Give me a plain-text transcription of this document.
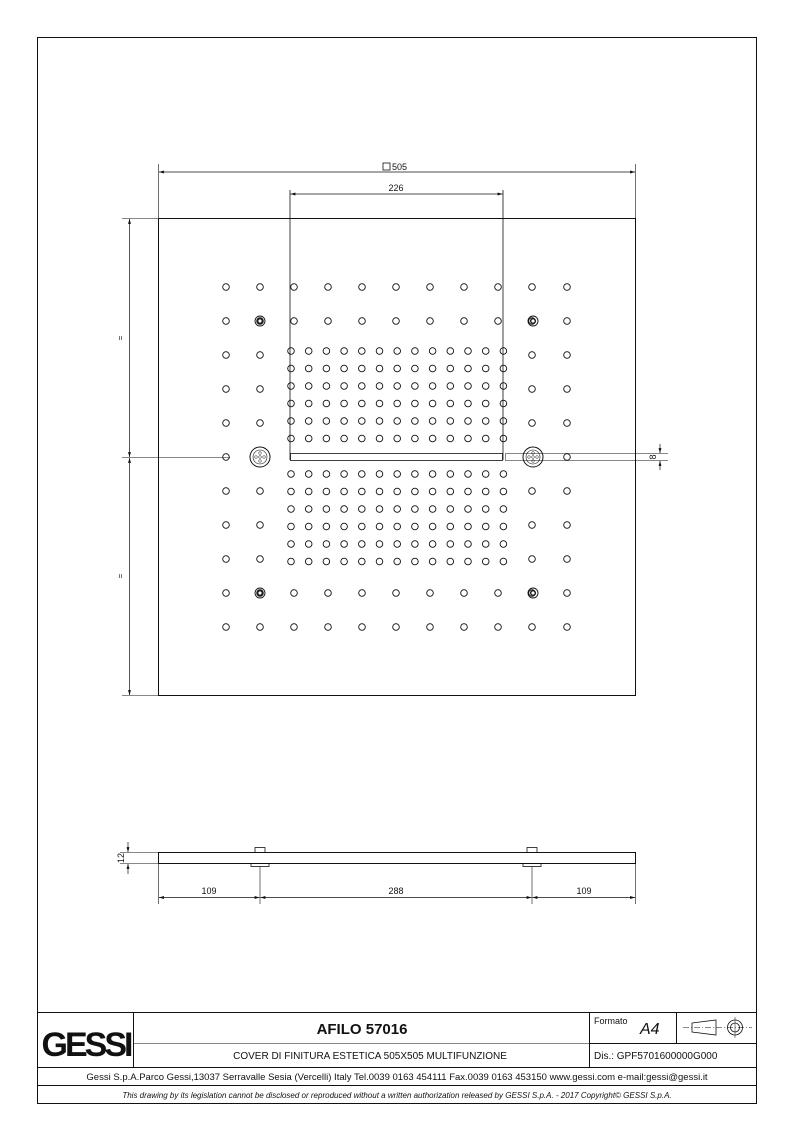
505
226
=
=
8
12
109	288	109
GESSI	AFILO 57016
COVER DI FINITURA ESTETICA 505X505 MULTIFUNZIONE
Formato A4
Dis.: GPF5701600000G000
Gessi S.p.A.Parco Gessi,13037 Serravalle Sesia (Vercelli) Italy Tel.0039 0163 454111 Fax.0039 0163 453150 www.gessi.com e-mail:gessi@gessi.it
This drawing by its legislation cannot be disclosed or reproduced without a written authorization released by GESSI S.p.A. - 2017 Copyright© GESSI S.p.A.
